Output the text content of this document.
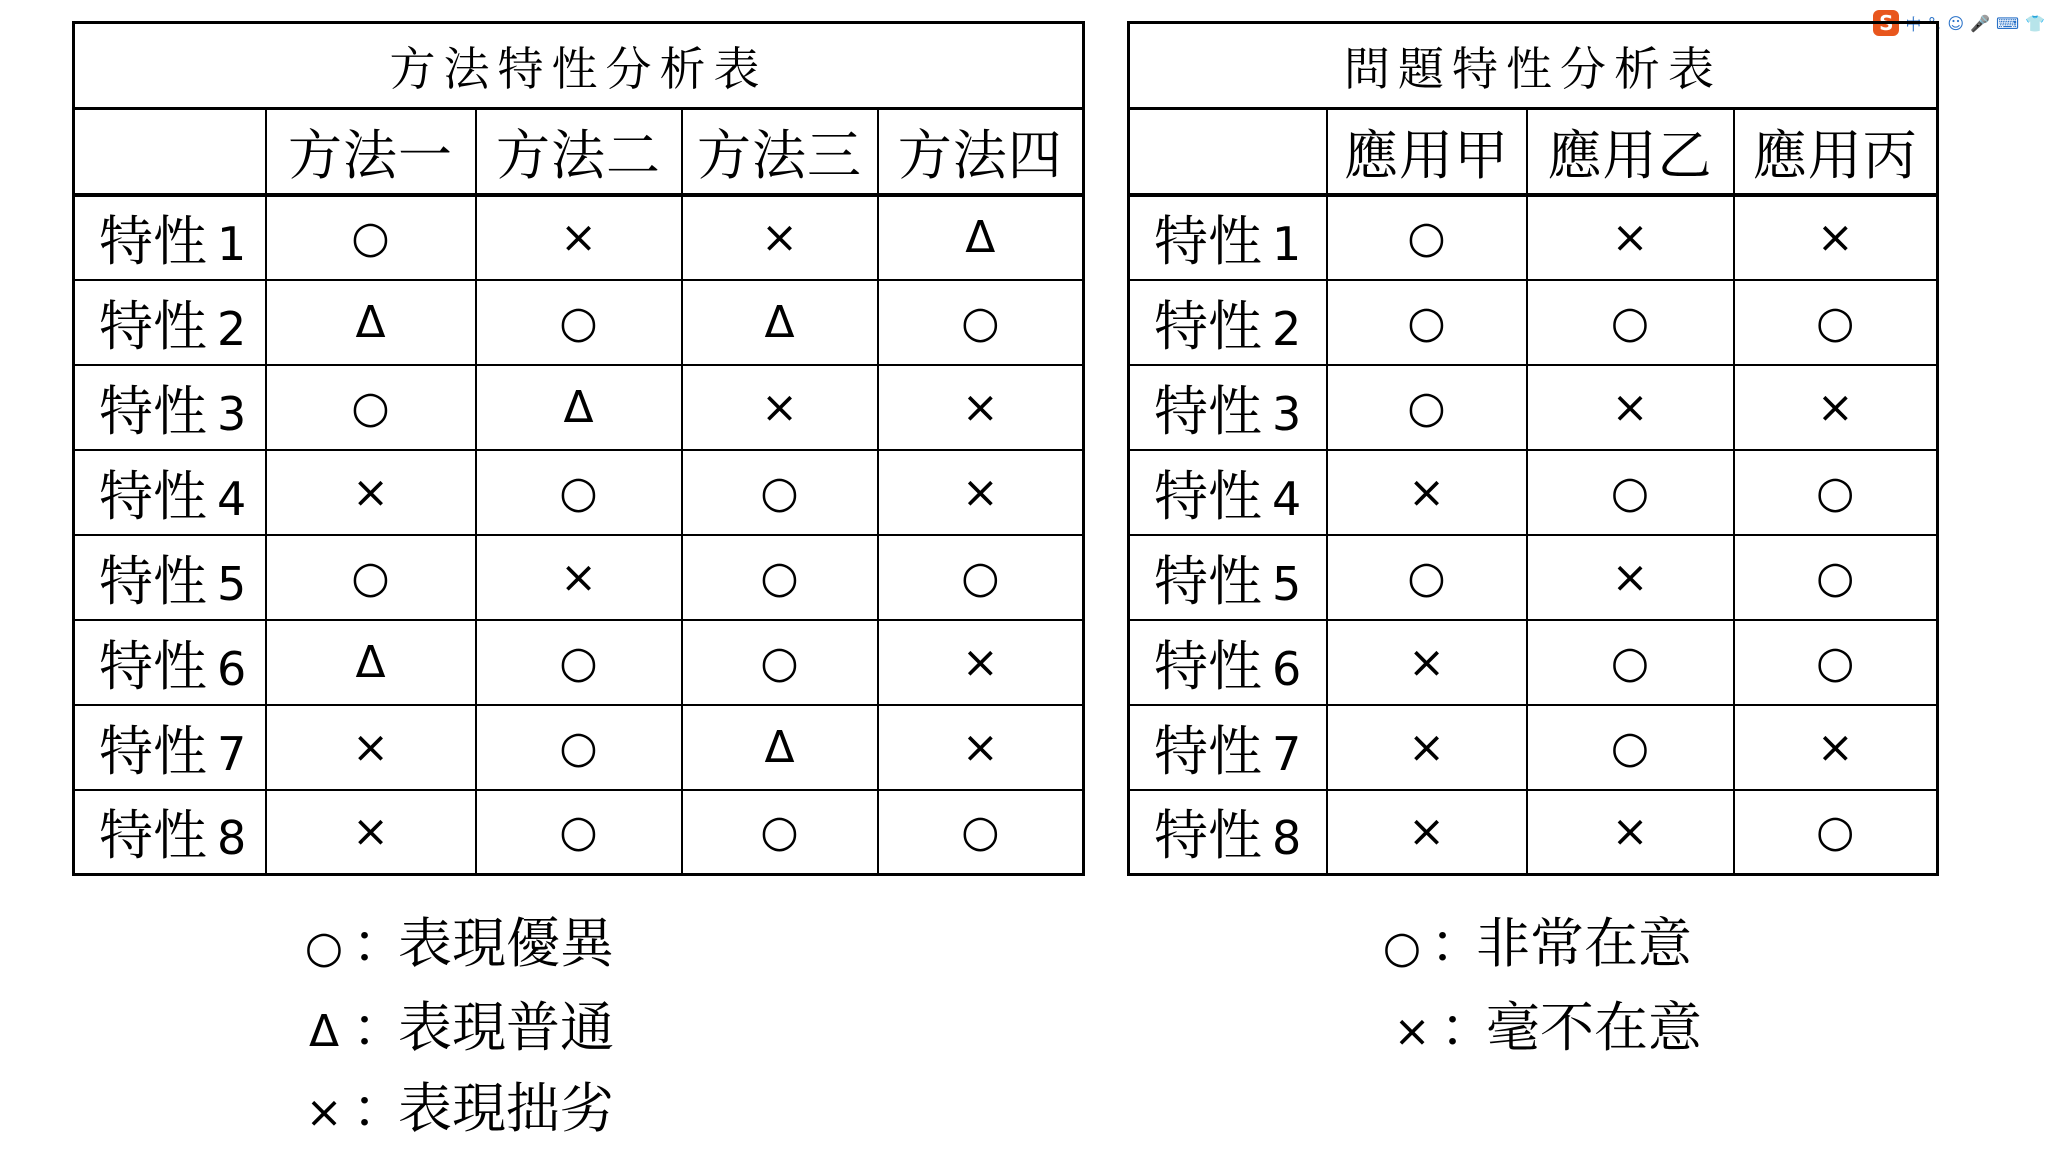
S 中 °, ☺ 🎤 ⌨ 👕
方法特性分析表				
	方法一	方法二	方法三	方法四
特性 1	○	×	×	Δ
特性 2	Δ	○	Δ	○
特性 3	○	Δ	×	×
特性 4	×	○	○	×
特性 5	○	×	○	○
特性 6	Δ	○	○	×
特性 7	×	○	Δ	×
特性 8	×	○	○	○
問題特性分析表			
	應用甲	應用乙	應用丙
特性 1	○	×	×
特性 2	○	○	○
特性 3	○	×	×
特性 4	×	○	○
特性 5	○	×	○
特性 6	×	○	○
特性 7	×	○	×
特性 8	×	×	○
○ ：表現優異
Δ ：表現普通
× ：表現拙劣
○ ：非常在意
× ：毫不在意
